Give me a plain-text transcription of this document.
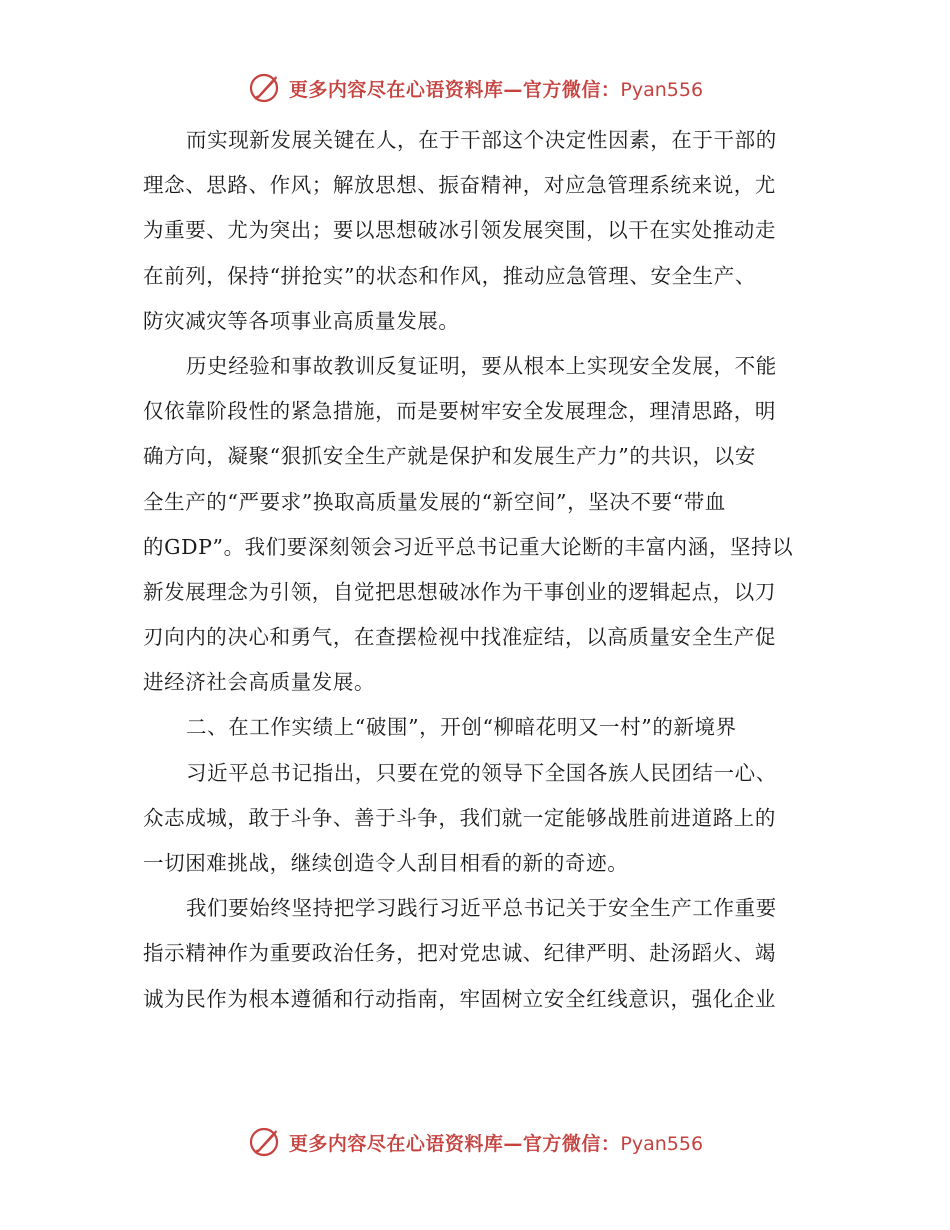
更多内容尽在心语资料库—官方微信：Pyan556
而实现新发展关键在人，在于干部这个决定性因素，在于干部的
理念、思路、作风；解放思想、振奋精神，对应急管理系统来说，尤
为重要、尤为突出；要以思想破冰引领发展突围，以干在实处推动走
在前列，保持“拼抢实”的状态和作风，推动应急管理、安全生产、
防灾减灾等各项事业高质量发展。
历史经验和事故教训反复证明，要从根本上实现安全发展，不能
仅依靠阶段性的紧急措施，而是要树牢安全发展理念，理清思路，明
确方向，凝聚“狠抓安全生产就是保护和发展生产力”的共识，以安
全生产的“严要求”换取高质量发展的“新空间”，坚决不要“带血
的GDP”。我们要深刻领会习近平总书记重大论断的丰富内涵，坚持以
新发展理念为引领，自觉把思想破冰作为干事创业的逻辑起点，以刀
刃向内的决心和勇气，在查摆检视中找准症结，以高质量安全生产促
进经济社会高质量发展。
二、在工作实绩上“破围”，开创“柳暗花明又一村”的新境界
习近平总书记指出，只要在党的领导下全国各族人民团结一心、
众志成城，敢于斗争、善于斗争，我们就一定能够战胜前进道路上的
一切困难挑战，继续创造令人刮目相看的新的奇迹。
我们要始终坚持把学习践行习近平总书记关于安全生产工作重要
指示精神作为重要政治任务，把对党忠诚、纪律严明、赴汤蹈火、竭
诚为民作为根本遵循和行动指南，牢固树立安全红线意识，强化企业
更多内容尽在心语资料库—官方微信：Pyan556
